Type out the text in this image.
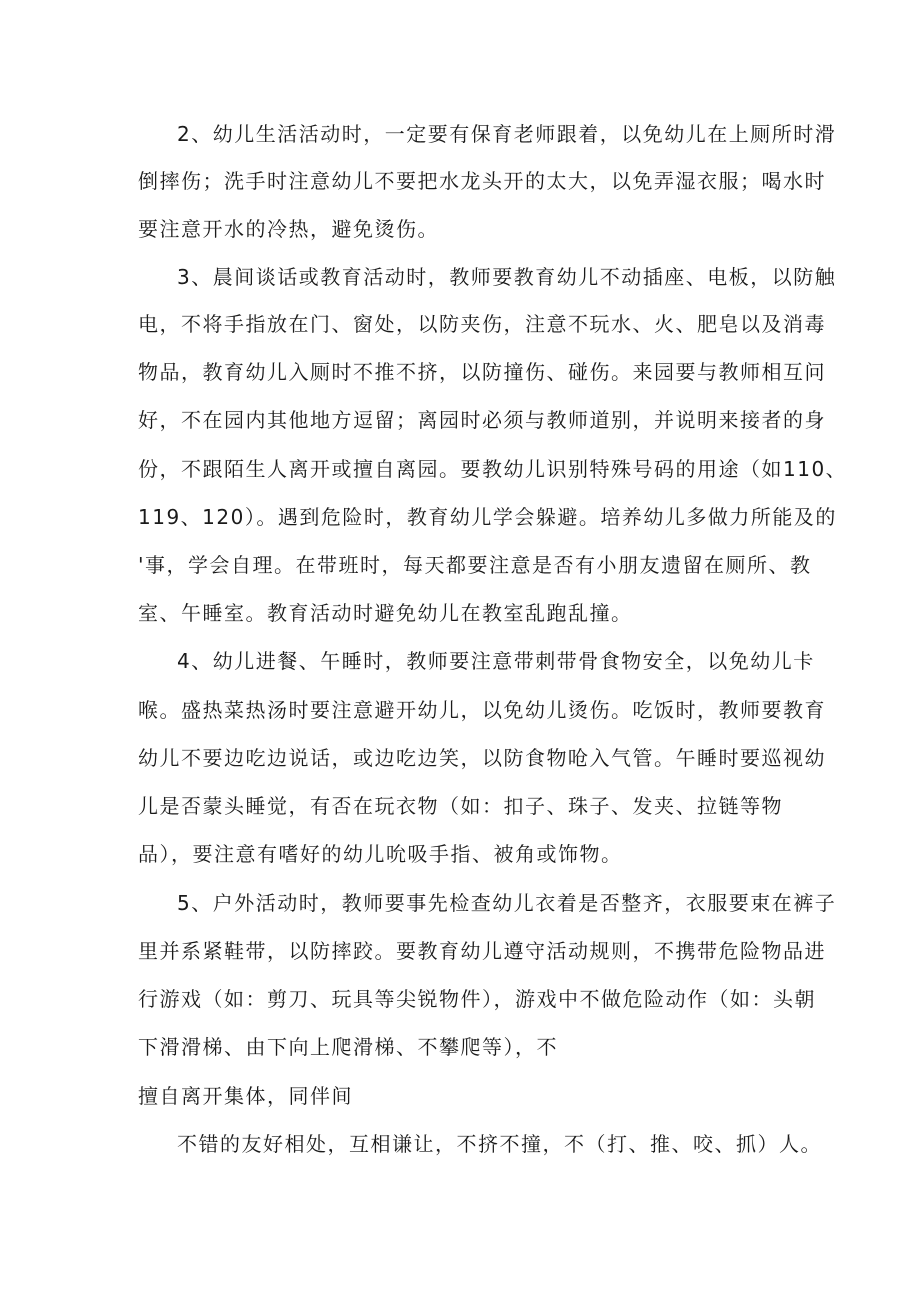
2、幼儿生活活动时，一定要有保育老师跟着，以免幼儿在上厕所时滑
倒摔伤；洗手时注意幼儿不要把水龙头开的太大，以免弄湿衣服；喝水时
要注意开水的冷热，避免烫伤。
3、晨间谈话或教育活动时，教师要教育幼儿不动插座、电板，以防触
电，不将手指放在门、窗处，以防夹伤，注意不玩水、火、肥皂以及消毒
物品，教育幼儿入厕时不推不挤，以防撞伤、碰伤。来园要与教师相互问
好，不在园内其他地方逗留；离园时必须与教师道别，并说明来接者的身
份，不跟陌生人离开或擅自离园。要教幼儿识别特殊号码的用途（如110、
119、120）。遇到危险时，教育幼儿学会躲避。培养幼儿多做力所能及的
'事，学会自理。在带班时，每天都要注意是否有小朋友遗留在厕所、教
室、午睡室。教育活动时避免幼儿在教室乱跑乱撞。
4、幼儿进餐、午睡时，教师要注意带刺带骨食物安全，以免幼儿卡
喉。盛热菜热汤时要注意避开幼儿，以免幼儿烫伤。吃饭时，教师要教育
幼儿不要边吃边说话，或边吃边笑，以防食物呛入气管。午睡时要巡视幼
儿是否蒙头睡觉，有否在玩衣物（如：扣子、珠子、发夹、拉链等物
品），要注意有嗜好的幼儿吮吸手指、被角或饰物。
5、户外活动时，教师要事先检查幼儿衣着是否整齐，衣服要束在裤子
里并系紧鞋带，以防摔跤。要教育幼儿遵守活动规则，不携带危险物品进
行游戏（如：剪刀、玩具等尖锐物件），游戏中不做危险动作（如：头朝
下滑滑梯、由下向上爬滑梯、不攀爬等），不
擅自离开集体，同伴间
不错的友好相处，互相谦让，不挤不撞，不（打、推、咬、抓）人。
